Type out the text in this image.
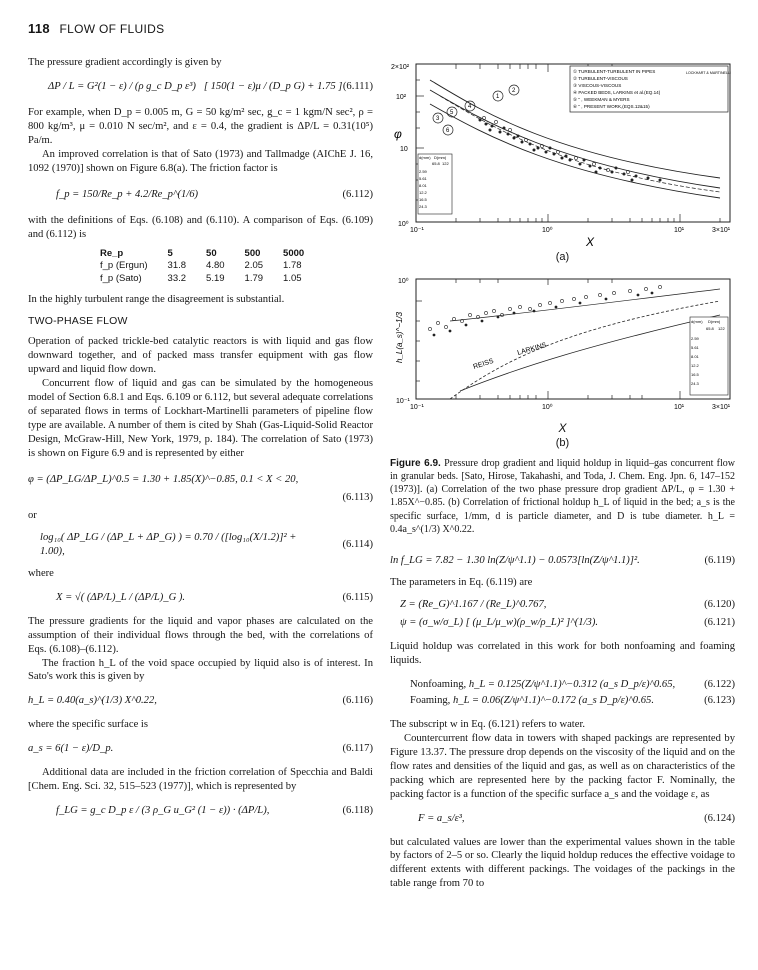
118 FLOW OF FLUIDS

The pressure gradient accordingly is given by

ΔP / L = G²(1 − ε) / (ρ g_c D_p ε³) [ 150(1 − ε)μ / (D_p G) + 1.75 ] (6.111)

For example, when D_p = 0.005 m, G = 50 kg/m² sec, g_c = 1 kgm/N sec², ρ = 800 kg/m³, μ = 0.010 N sec/m², and ε = 0.4, the gradient is ΔP/L = 0.31(10⁵) Pa/m.

An improved correlation is that of Sato (1973) and Tallmadge (AIChE J. 16, 1092 (1970)] shown on Figure 6.8(a). The friction factor is

f_p = 150/Re_p + 4.2/Re_p^(1/6)	(6.112)

with the definitions of Eqs. (6.108) and (6.110). A comparison of Eqs. (6.109) and (6.112) is

Re_p	5	50	500	5000
f_p (Ergun)	31.8	4.80	2.05	1.78
f_p (Sato)	33.2	5.19	1.79	1.05

In the highly turbulent range the disagreement is substantial.

TWO-PHASE FLOW

Operation of packed trickle-bed catalytic reactors is with liquid and gas flow downward together, and of packed mass transfer equipment with gas flow upward and liquid flow down.

Concurrent flow of liquid and gas can be simulated by the homogeneous model of Section 6.8.1 and Eqs. 6.109 or 6.112, but several adequate correlations of separated flows in terms of Lockhart-Martinelli parameters of pipeline flow type are available. A number of them is cited by Shah (Gas-Liquid-Solid Reactor Design, McGraw-Hill, New York, 1979, p. 184). The correlation of Sato (1973) is shown on Figure 6.9 and is represented by either

φ = (ΔP_LG/ΔP_L)^0.5 = 1.30 + 1.85(X)^−0.85, 0.1 < X < 20,
(6.113)

or

log₁₀( ΔP_LG / (ΔP_L + ΔP_G) ) = 0.70 / ([log₁₀(X/1.2)]² + 1.00),
(6.114)

where

X = √( (ΔP/L)_L / (ΔP/L)_G ).	(6.115)

The pressure gradients for the liquid and vapor phases are calculated on the assumption of their individual flows through the bed, with the correlations of Eqs. (6.108)–(6.112).

The fraction h_L of the void space occupied by liquid also is of interest. In Sato's work this is given by

h_L = 0.40(a_s)^(1/3) X^0.22,	(6.116)

where the specific surface is

a_s = 6(1 − ε)/D_p.	(6.117)

Additional data are included in the friction correlation of Specchia and Baldi [Chem. Eng. Sci. 32, 515–523 (1977)], which is represented by

f_LG = g_c D_p ε / (3 ρ_G u_G² (1 − ε)) · (ΔP/L),	(6.118)
2×10²
10²
10
10⁰
10⁻¹	10⁰	10¹	3×10¹
φ
X
1
2
3
6
4
5
① TURBULENT-TURBULENT IN PIPES
② TURBULENT-VISCOUS
③ VISCOUS-VISCOUS
④ PACKED BEDS, LARKINS et al.(EQ.14)
⑤ " , WEEKMAN & MYERS
⑥ " , PRESENT WORK,(EQS.12&15)
LOCKHART & MARTINELLI
d(mm) D(mm)
65.8 122
2.59
5.61
8.01
12.2
16.5
24.3
(a)
10⁰
10⁻¹
10⁻¹	10⁰	10¹	3×10¹
h_L(a_s)^−1/3
REISS
LARKINS
d(mm) D(mm)
65.8 122
2.59
5.61
8.01
12.2
16.5
24.3
X
(b)

Figure 6.9. Pressure drop gradient and liquid holdup in liquid–gas concurrent flow in granular beds. [Sato, Hirose, Takahashi, and Toda, J. Chem. Eng. Jpn. 6, 147–152 (1973)]. (a) Correlation of the two phase pressure drop gradient ΔP/L, φ = 1.30 + 1.85X^−0.85. (b) Correlation of frictional holdup h_L of liquid in the bed; a_s is the specific surface, 1/mm, d is particle diameter, and D is tube diameter. h_L = 0.4a_s^(1/3) X^0.22.

ln f_LG = 7.82 − 1.30 ln(Z/ψ^1.1) − 0.0573[ln(Z/ψ^1.1)]².	(6.119)

The parameters in Eq. (6.119) are

Z = (Re_G)^1.167 / (Re_L)^0.767,	(6.120)
ψ = (σ_w/σ_L) [ (μ_L/μ_w)(ρ_w/ρ_L)² ]^(1/3).	(6.121)

Liquid holdup was correlated in this work for both nonfoaming and foaming liquids.

Nonfoaming, h_L = 0.125(Z/ψ^1.1)^−0.312 (a_s D_p/ε)^0.65,	(6.122)
Foaming, h_L = 0.06(Z/ψ^1.1)^−0.172 (a_s D_p/ε)^0.65.	(6.123)

The subscript w in Eq. (6.121) refers to water.

Countercurrent flow data in towers with shaped packings are represented by Figure 13.37. The pressure drop depends on the viscosity of the liquid and on the flow rates and densities of the liquid and gas, as well as on characteristics of the packing which are represented here by the packing factor F. Nominally, the packing factor is a function of the specific surface a_s and the voidage ε, as

F = a_s/ε³,	(6.124)

but calculated values are lower than the experimental values shown in the table by factors of 2–5 or so. Clearly the liquid holdup reduces the effective voidage to different extents with different packings. The voidages of the packings in the table range from 70 to
